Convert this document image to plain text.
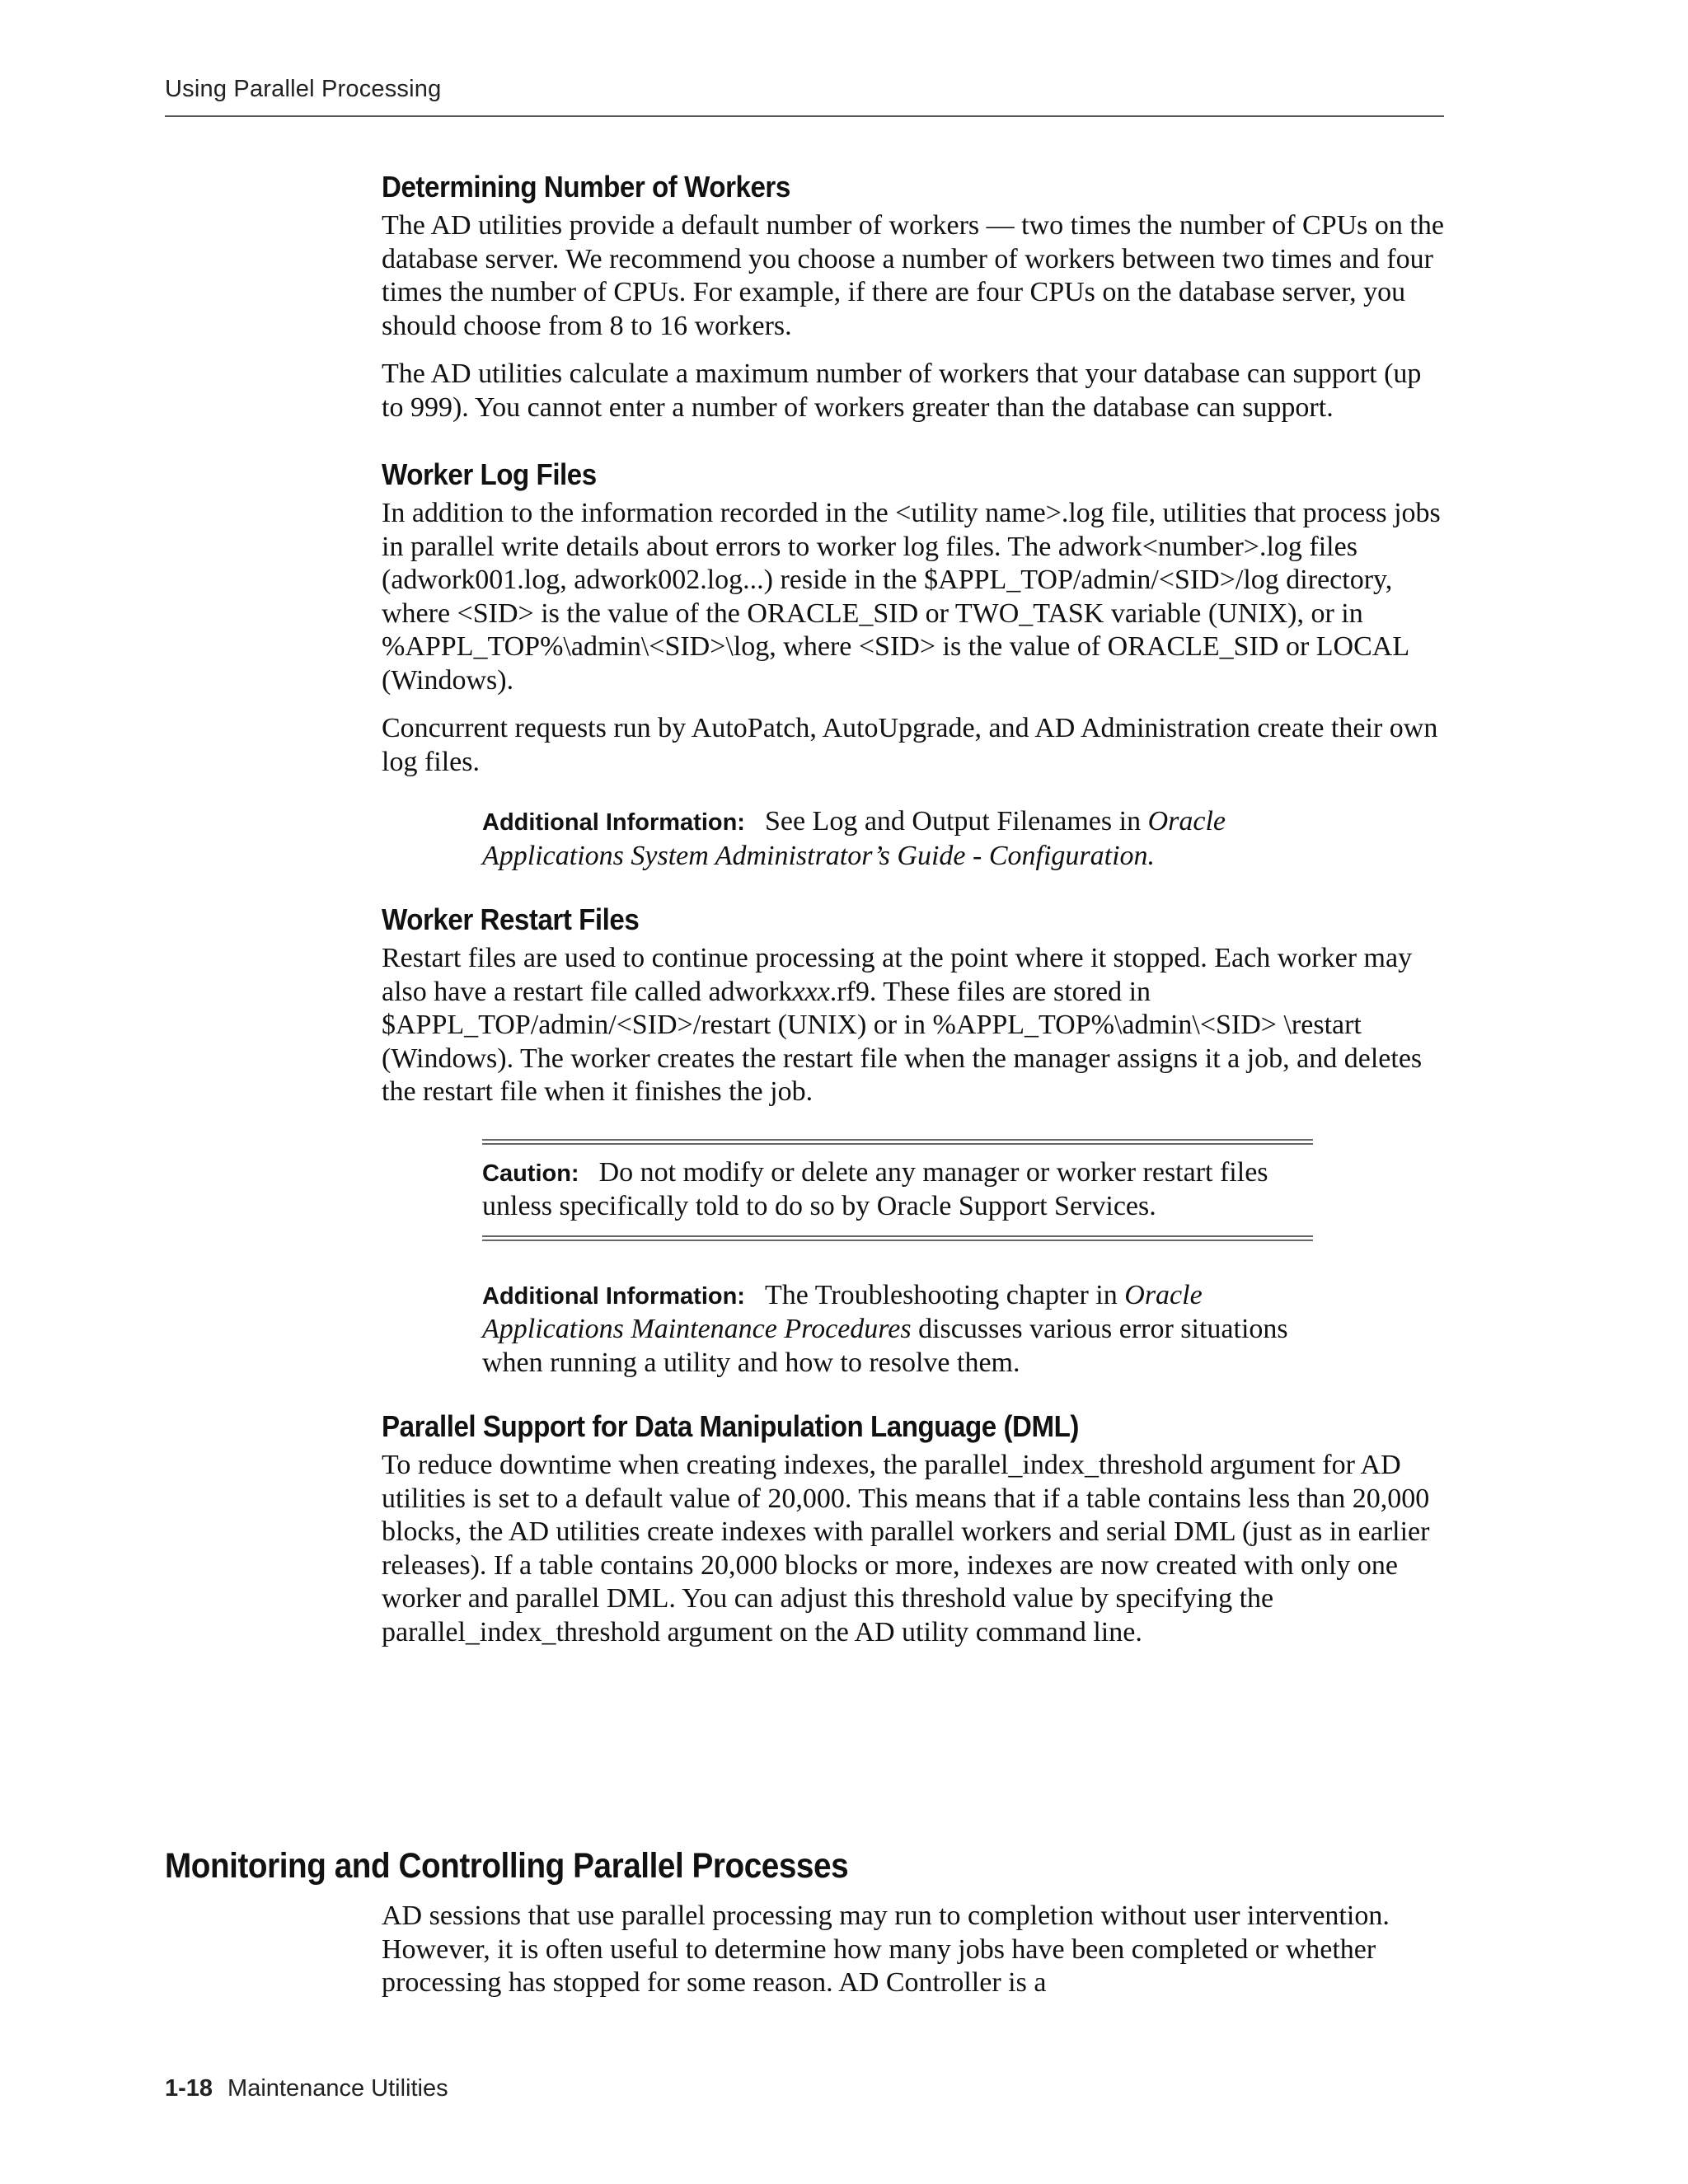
Using Parallel Processing
Determining Number of Workers

The AD utilities provide a default number of workers — two times the number of CPUs on the database server. We recommend you choose a number of workers between two times and four times the number of CPUs. For example, if there are four CPUs on the database server, you should choose from 8 to 16 workers.

The AD utilities calculate a maximum number of workers that your database can support (up to 999). You cannot enter a number of workers greater than the database can support.

Worker Log Files

In addition to the information recorded in the <utility name>.log file, utilities that process jobs in parallel write details about errors to worker log files. The adwork<number>.log files (adwork001.log, adwork002.log...) reside in the $APPL_TOP/admin/<SID>/log directory, where <SID> is the value of the ORACLE_SID or TWO_TASK variable (UNIX), or in %APPL_TOP%\admin\<SID>\log, where <SID> is the value of ORACLE_SID or LOCAL (Windows).

Concurrent requests run by AutoPatch, AutoUpgrade, and AD Administration create their own log files.

Additional Information: See Log and Output Filenames in Oracle Applications System Administrator’s Guide - Configuration.
Worker Restart Files

Restart files are used to continue processing at the point where it stopped. Each worker may also have a restart file called adworkxxx.rf9. These files are stored in $APPL_TOP/admin/<SID>/restart (UNIX) or in %APPL_TOP%\admin\<SID> \restart (Windows). The worker creates the restart file when the manager assigns it a job, and deletes the restart file when it finishes the job.

Caution: Do not modify or delete any manager or worker restart files unless specifically told to do so by Oracle Support Services.
Additional Information: The Troubleshooting chapter in Oracle Applications Maintenance Procedures discusses various error situations when running a utility and how to resolve them.
Parallel Support for Data Manipulation Language (DML)

To reduce downtime when creating indexes, the parallel_index_threshold argument for AD utilities is set to a default value of 20,000. This means that if a table contains less than 20,000 blocks, the AD utilities create indexes with parallel workers and serial DML (just as in earlier releases). If a table contains 20,000 blocks or more, indexes are now created with only one worker and parallel DML. You can adjust this threshold value by specifying the parallel_index_threshold argument on the AD utility command line.

Monitoring and Controlling Parallel Processes

AD sessions that use parallel processing may run to completion without user intervention. However, it is often useful to determine how many jobs have been completed or whether processing has stopped for some reason. AD Controller is a

1-18 Maintenance Utilities
